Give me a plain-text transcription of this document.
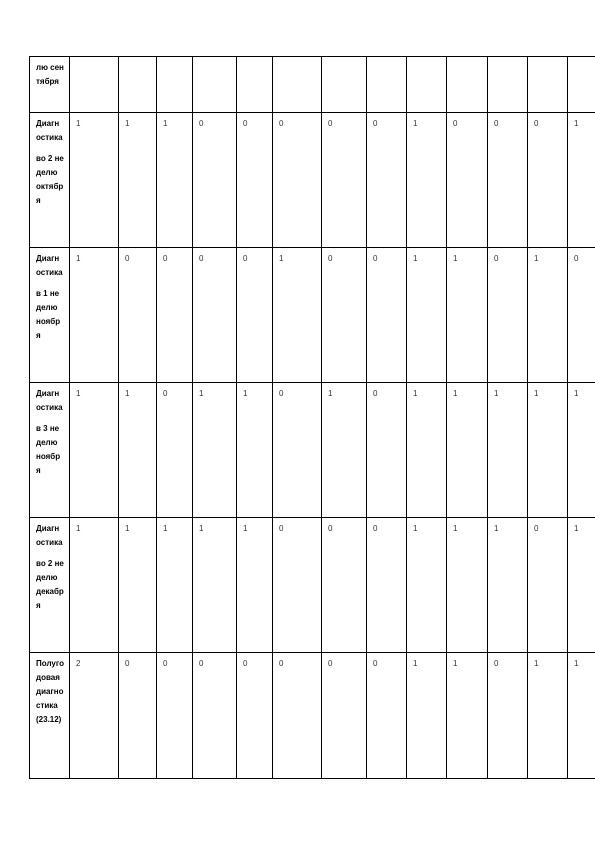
лю сентября													

Диагностика
во 2 неделю октября	1	1	1	0	0	0	0	0	1	0	0	0	1

Диагностика
в 1 неделю ноября	1	0	0	0	0	1	0	0	1	1	0	1	0

Диагностика
в 3 неделю ноября	1	1	0	1	1	0	1	0	1	1	1	1	1

Диагностика
во 2 неделю декабря	1	1	1	1	1	0	0	0	1	1	1	0	1

Полугодовая диагностика (23.12)	2	0	0	0	0	0	0	0	1	1	0	1	1
